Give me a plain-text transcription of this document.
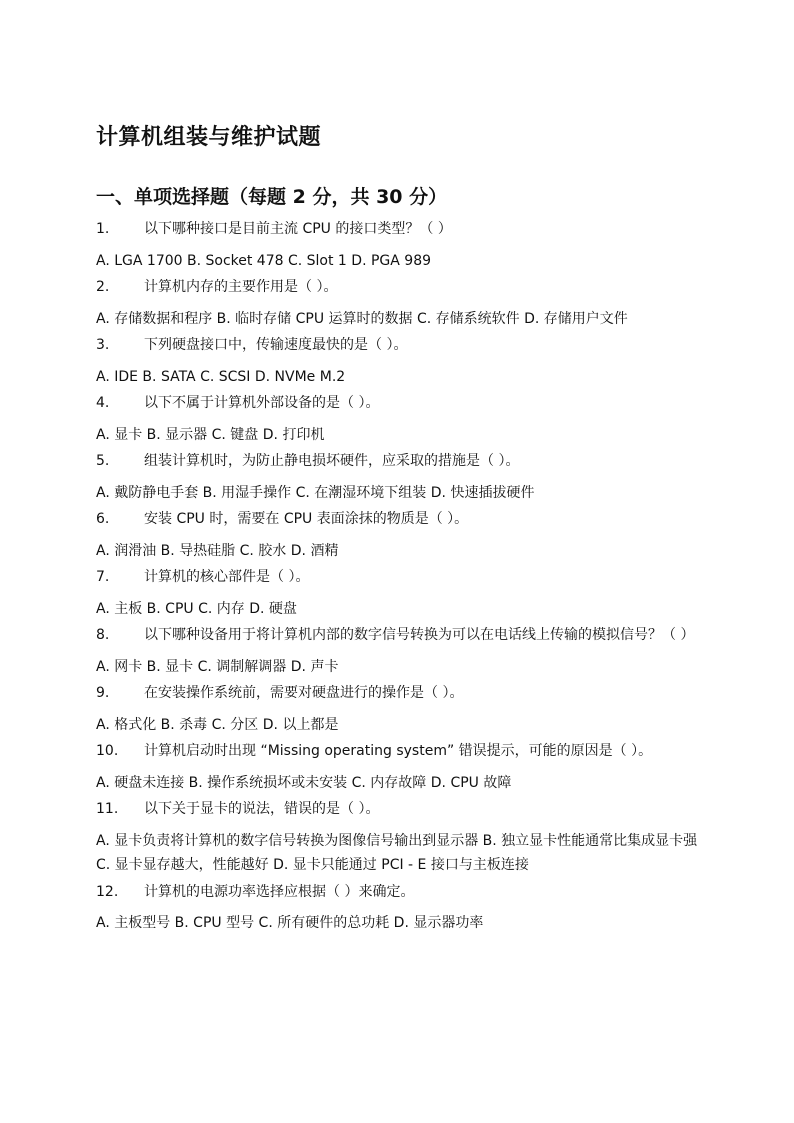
计算机组装与维护试题
一、单项选择题（每题 2 分，共 30 分）
1.	以下哪种接口是目前主流 CPU 的接口类型？（ ）
A. LGA 1700 B. Socket 478 C. Slot 1 D. PGA 989
2.	计算机内存的主要作用是（ ）。
A. 存储数据和程序 B. 临时存储 CPU 运算时的数据 C. 存储系统软件 D. 存储用户文件
3.	下列硬盘接口中，传输速度最快的是（ ）。
A. IDE B. SATA C. SCSI D. NVMe M.2
4.	以下不属于计算机外部设备的是（ ）。
A. 显卡 B. 显示器 C. 键盘 D. 打印机
5.	组装计算机时，为防止静电损坏硬件，应采取的措施是（ ）。
A. 戴防静电手套 B. 用湿手操作 C. 在潮湿环境下组装 D. 快速插拔硬件
6.	安装 CPU 时，需要在 CPU 表面涂抹的物质是（ ）。
A. 润滑油 B. 导热硅脂 C. 胶水 D. 酒精
7.	计算机的核心部件是（ ）。
A. 主板 B. CPU C. 内存 D. 硬盘
8.	以下哪种设备用于将计算机内部的数字信号转换为可以在电话线上传输的模拟信号？（ ）
A. 网卡 B. 显卡 C. 调制解调器 D. 声卡
9.	在安装操作系统前，需要对硬盘进行的操作是（ ）。
A. 格式化 B. 杀毒 C. 分区 D. 以上都是
10.	计算机启动时出现 “Missing operating system” 错误提示，可能的原因是（ ）。
A. 硬盘未连接 B. 操作系统损坏或未安装 C. 内存故障 D. CPU 故障
11.	以下关于显卡的说法，错误的是（ ）。
A. 显卡负责将计算机的数字信号转换为图像信号输出到显示器 B. 独立显卡性能通常比集成显卡强 C. 显卡显存越大，性能越好 D. 显卡只能通过 PCI - E 接口与主板连接
12.	计算机的电源功率选择应根据（ ）来确定。
A. 主板型号 B. CPU 型号 C. 所有硬件的总功耗 D. 显示器功率
